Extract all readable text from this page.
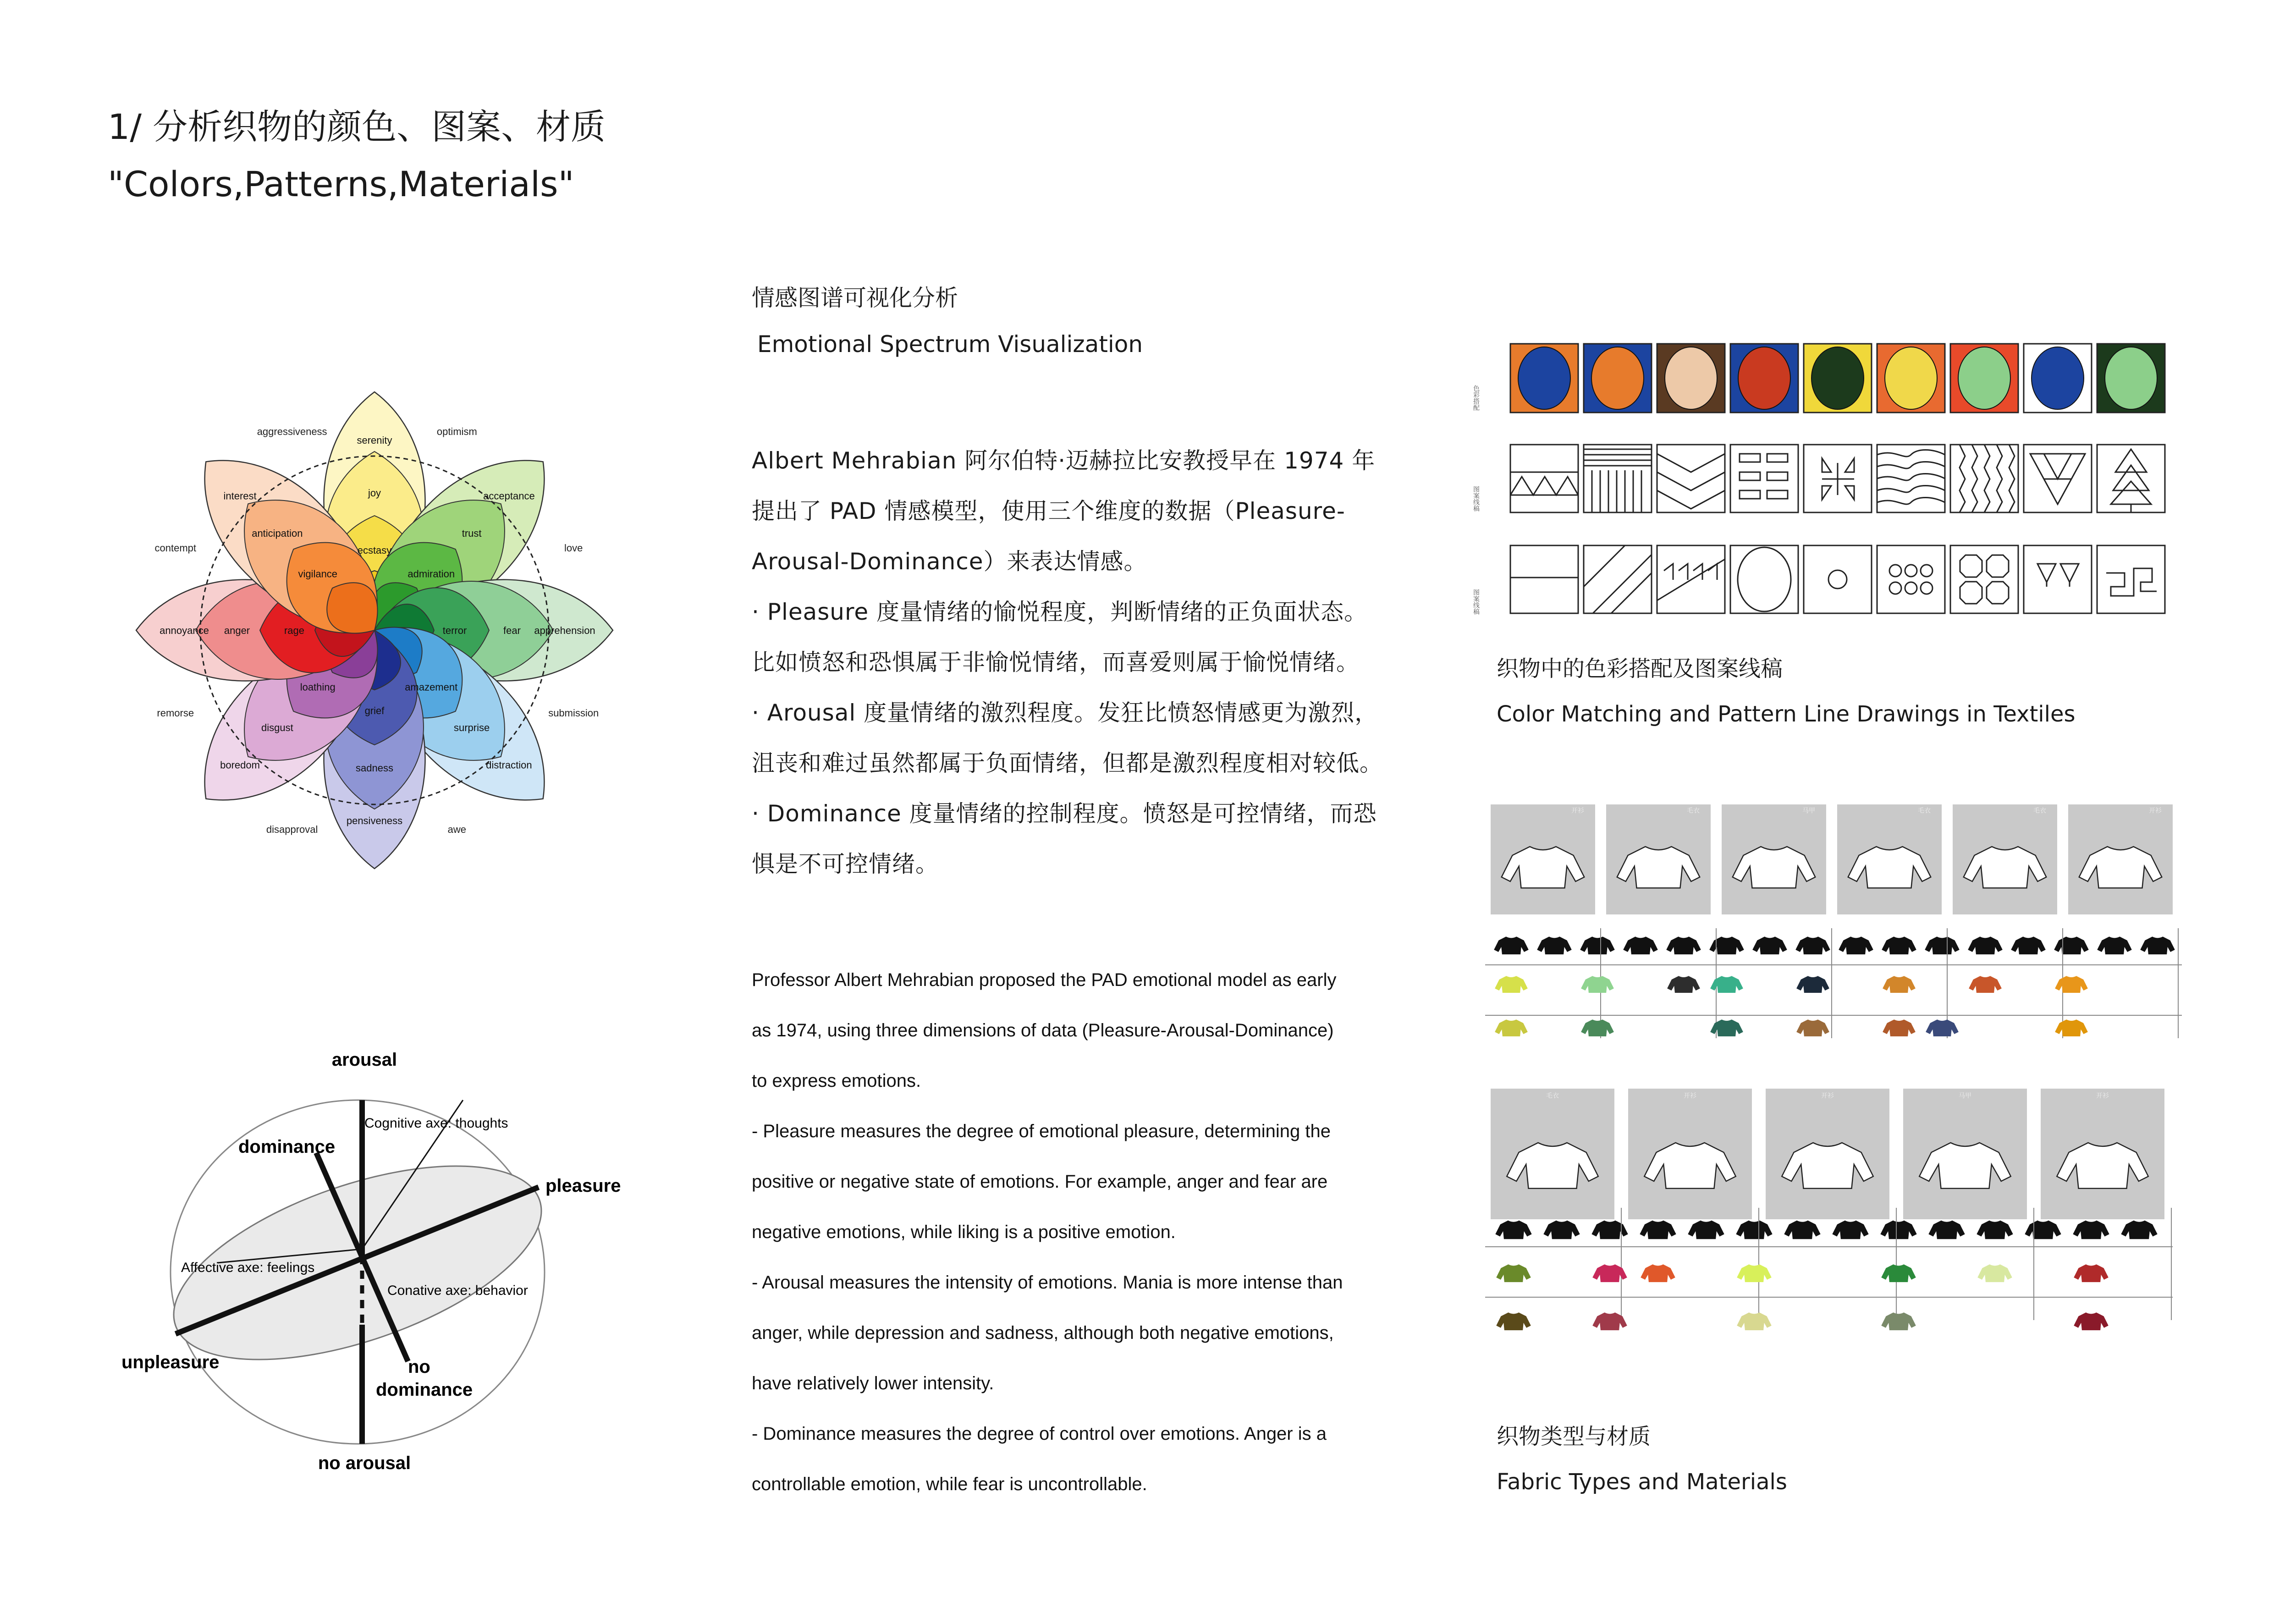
1/ 分析织物的颜色、图案、材质
"Colors,Patterns,Materials"
serenity
joy
ecstasy
acceptance
trust
admiration
apprehension
fear
terror
distraction
surprise
amazement
pensiveness
sadness
grief
boredom
disgust
loathing
annoyance anger	rage
interest
anticipation
vigilance
optimism
love
submission
awe
disapproval
remorse
contempt
aggressiveness
arousal
no arousal
pleasure
unpleasure
dominance
no
dominance
Cognitive axe: thoughts
Affective axe: feelings
Conative axe: behavior
情感图谱可视化分析
Emotional Spectrum Visualization
Albert Mehrabian 阿尔伯特·迈赫拉比安教授早在 1974 年
提出了 PAD 情感模型，使用三个维度的数据（Pleasure-
Arousal-Dominance）来表达情感。
· Pleasure 度量情绪的愉悦程度，判断情绪的正负面状态。
比如愤怒和恐惧属于非愉悦情绪，而喜爱则属于愉悦情绪。
· Arousal 度量情绪的激烈程度。发狂比愤怒情感更为激烈，
沮丧和难过虽然都属于负面情绪，但都是激烈程度相对较低。
· Dominance 度量情绪的控制程度。愤怒是可控情绪，而恐
惧是不可控情绪。
Professor Albert Mehrabian proposed the PAD emotional model as early
as 1974, using three dimensions of data (Pleasure-Arousal-Dominance)
to express emotions.
- Pleasure measures the degree of emotional pleasure, determining the
positive or negative state of emotions. For example, anger and fear are
negative emotions, while liking is a positive emotion.
- Arousal measures the intensity of emotions. Mania is more intense than
anger, while depression and sadness, although both negative emotions,
have relatively lower intensity.
- Dominance measures the degree of control over emotions. Anger is a
controllable emotion, while fear is uncontrollable.
色彩搭配
图案线稿
图案线稿
织物中的色彩搭配及图案线稿
Color Matching and Pattern Line Drawings in Textiles
开衫	毛衣	马甲	毛衣	毛衣	开衫
毛衣	开衫	开衫	马甲	开衫
织物类型与材质
Fabric Types and Materials
